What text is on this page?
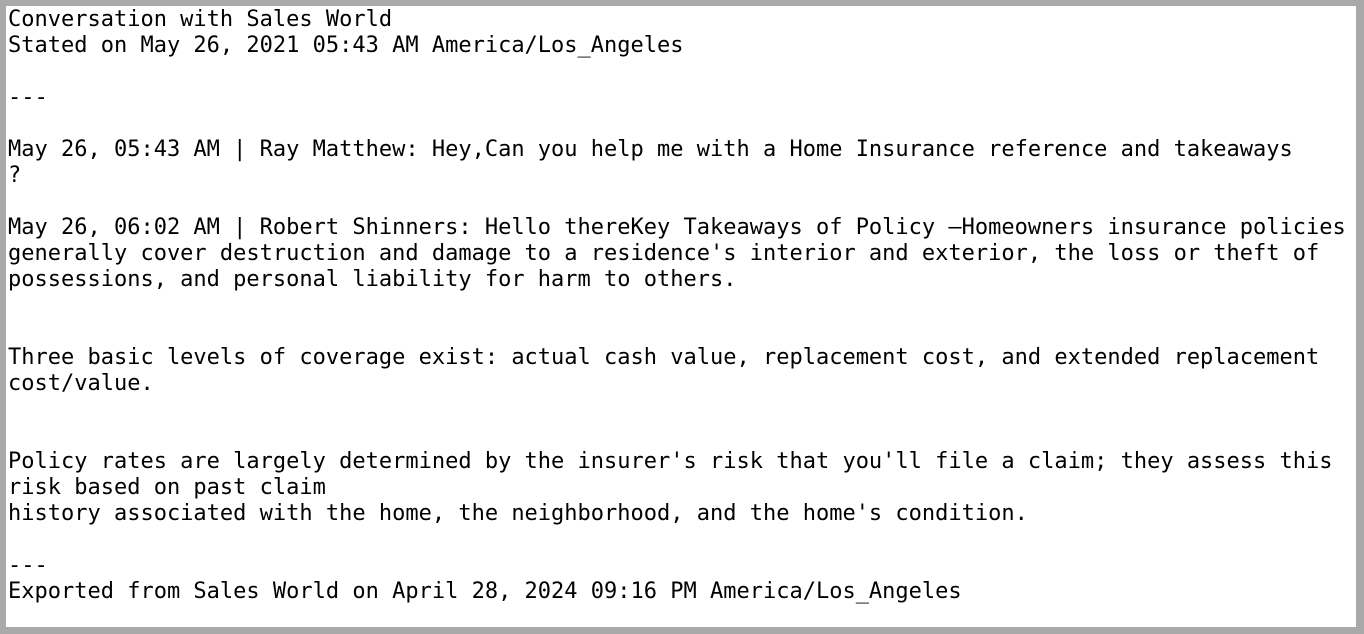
Conversation with Sales World
Stated on May 26, 2021 05:43 AM America/Los_Angeles
---
May 26, 05:43 AM | Ray Matthew: Hey,Can you help me with a Home Insurance reference and takeaways
?
May 26, 06:02 AM | Robert Shinners: Hello thereKey Takeaways of Policy –Homeowners insurance policies
generally cover destruction and damage to a residence's interior and exterior, the loss or theft of
possessions, and personal liability for harm to others.
Three basic levels of coverage exist: actual cash value, replacement cost, and extended replacement
cost/value.
Policy rates are largely determined by the insurer's risk that you'll file a claim; they assess this
risk based on past claim
history associated with the home, the neighborhood, and the home's condition.
---
Exported from Sales World on April 28, 2024 09:16 PM America/Los_Angeles
